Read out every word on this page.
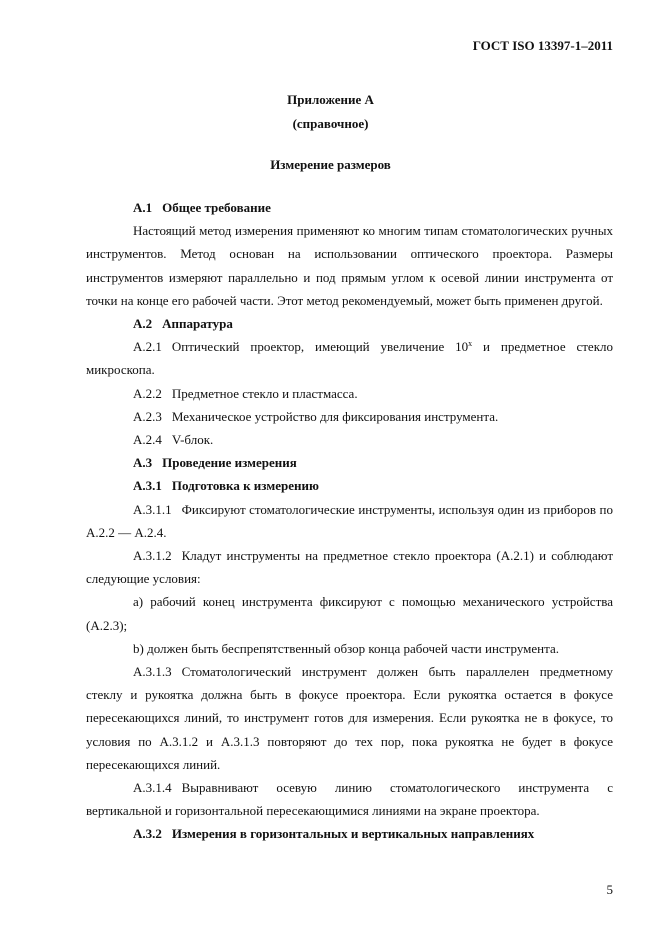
ГОСТ ISO 13397-1–2011
Приложение А
(справочное)
Измерение размеров

А.1 Общее требование

Настоящий метод измерения применяют ко многим типам стоматологических ручных инструментов. Метод основан на использовании оптического проектора. Размеры инструментов измеряют параллельно и под прямым углом к осевой линии инструмента от точки на конце его рабочей части. Этот метод рекомендуемый, может быть применен другой.

А.2 Аппаратура

А.2.1 Оптический проектор, имеющий увеличение 10$^x$ и предметное стекло микроскопа.

А.2.2 Предметное стекло и пластмасса.

А.2.3 Механическое устройство для фиксирования инструмента.

А.2.4 V-блок.

А.3 Проведение измерения

А.3.1 Подготовка к измерению

А.3.1.1 Фиксируют стоматологические инструменты, используя один из приборов по А.2.2 — А.2.4.

А.3.1.2 Кладут инструменты на предметное стекло проектора (А.2.1) и соблюдают следующие условия:

а) рабочий конец инструмента фиксируют с помощью механического устройства (А.2.3);

b) должен быть беспрепятственный обзор конца рабочей части инструмента.

А.3.1.3 Стоматологический инструмент должен быть параллелен предметному стеклу и рукоятка должна быть в фокусе проектора. Если рукоятка остается в фокусе пересекающихся линий, то инструмент готов для измерения. Если рукоятка не в фокусе, то условия по А.3.1.2 и А.3.1.3 повторяют до тех пор, пока рукоятка не будет в фокусе пересекающихся линий.

А.3.1.4 Выравнивают осевую линию стоматологического инструмента с вертикальной и горизонтальной пересекающимися линиями на экране проектора.

А.3.2 Измерения в горизонтальных и вертикальных направлениях

5
